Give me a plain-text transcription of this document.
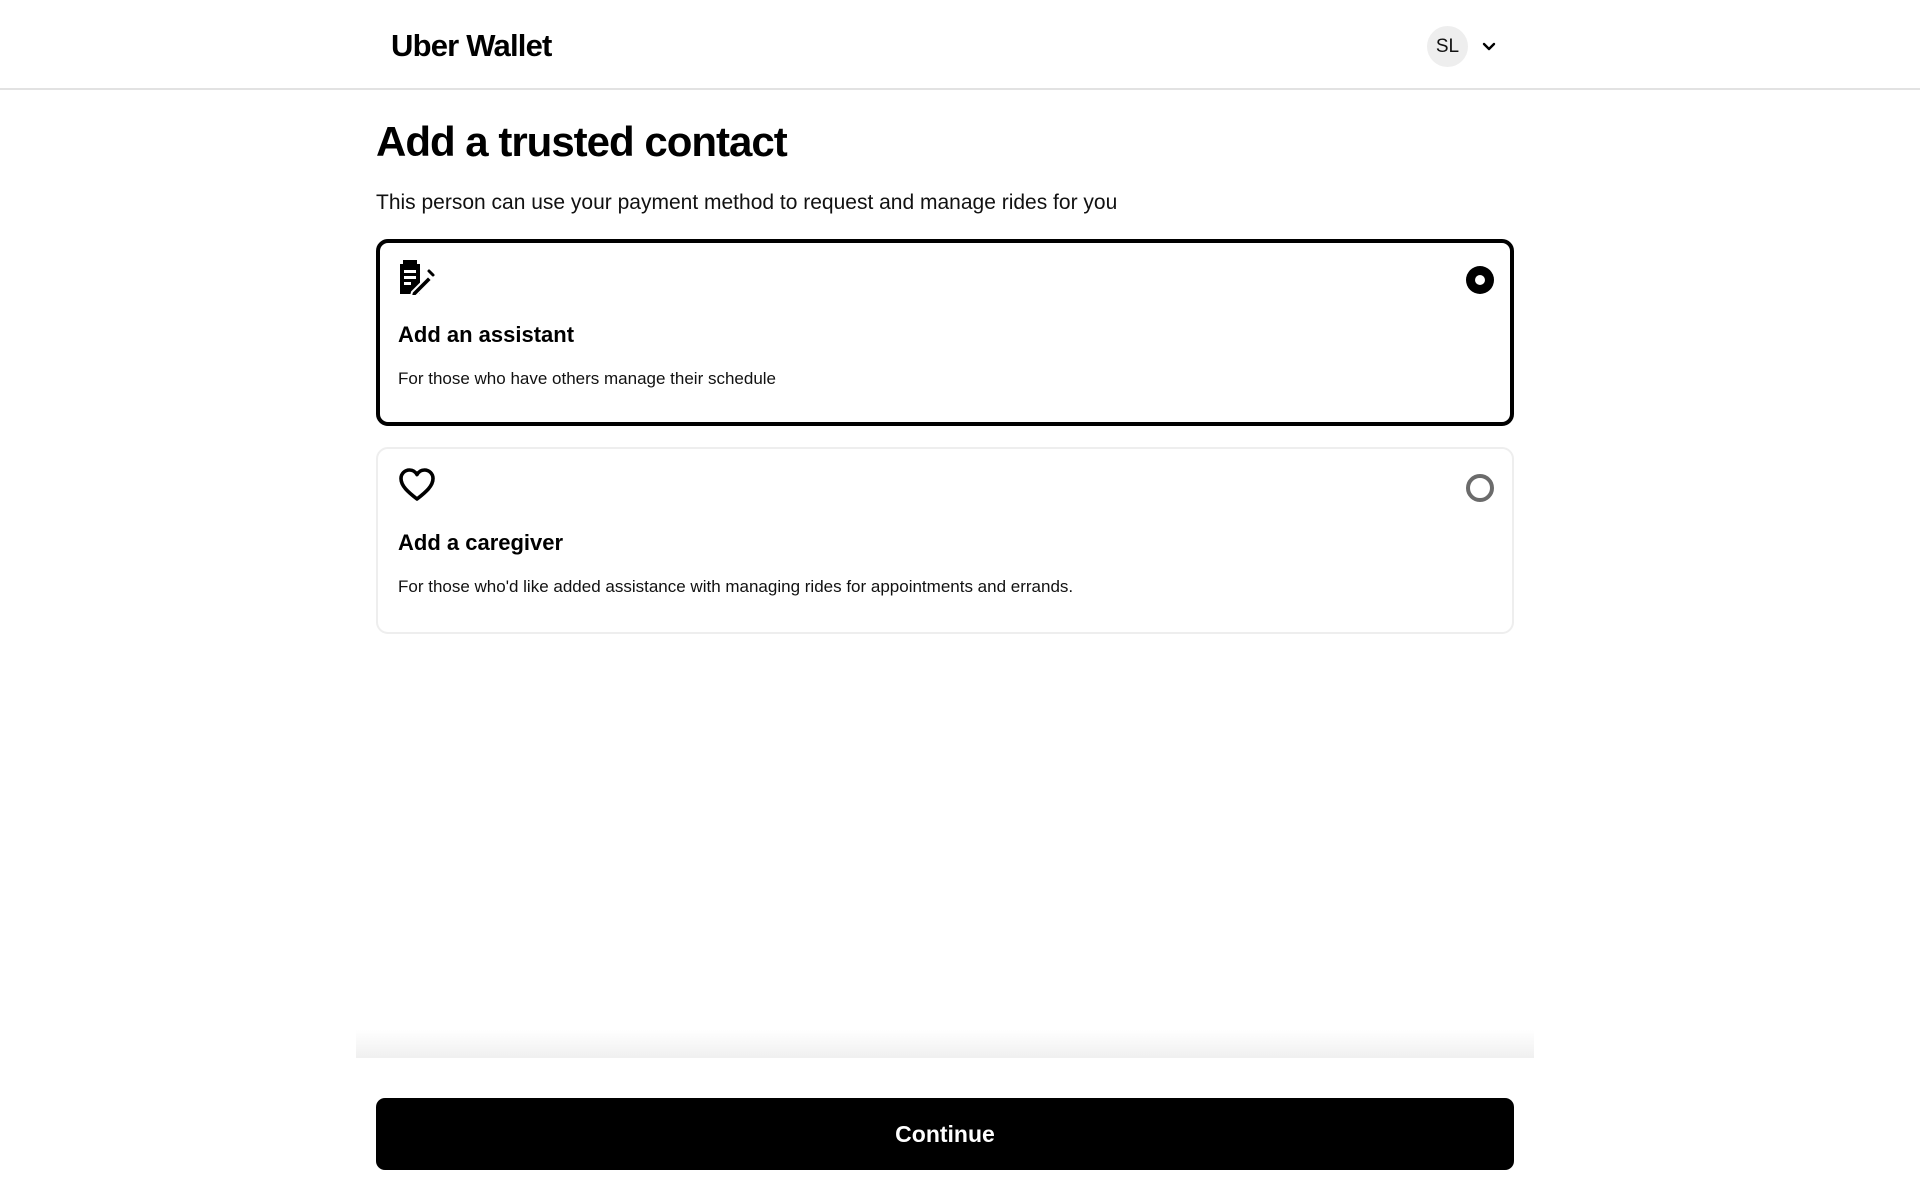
Uber Wallet	SL
Add a trusted contact

This person can use your payment method to request and manage rides for you

Add an assistant
For those who have others manage their schedule
Add a caregiver
For those who'd like added assistance with managing rides for appointments and errands.
Continue
